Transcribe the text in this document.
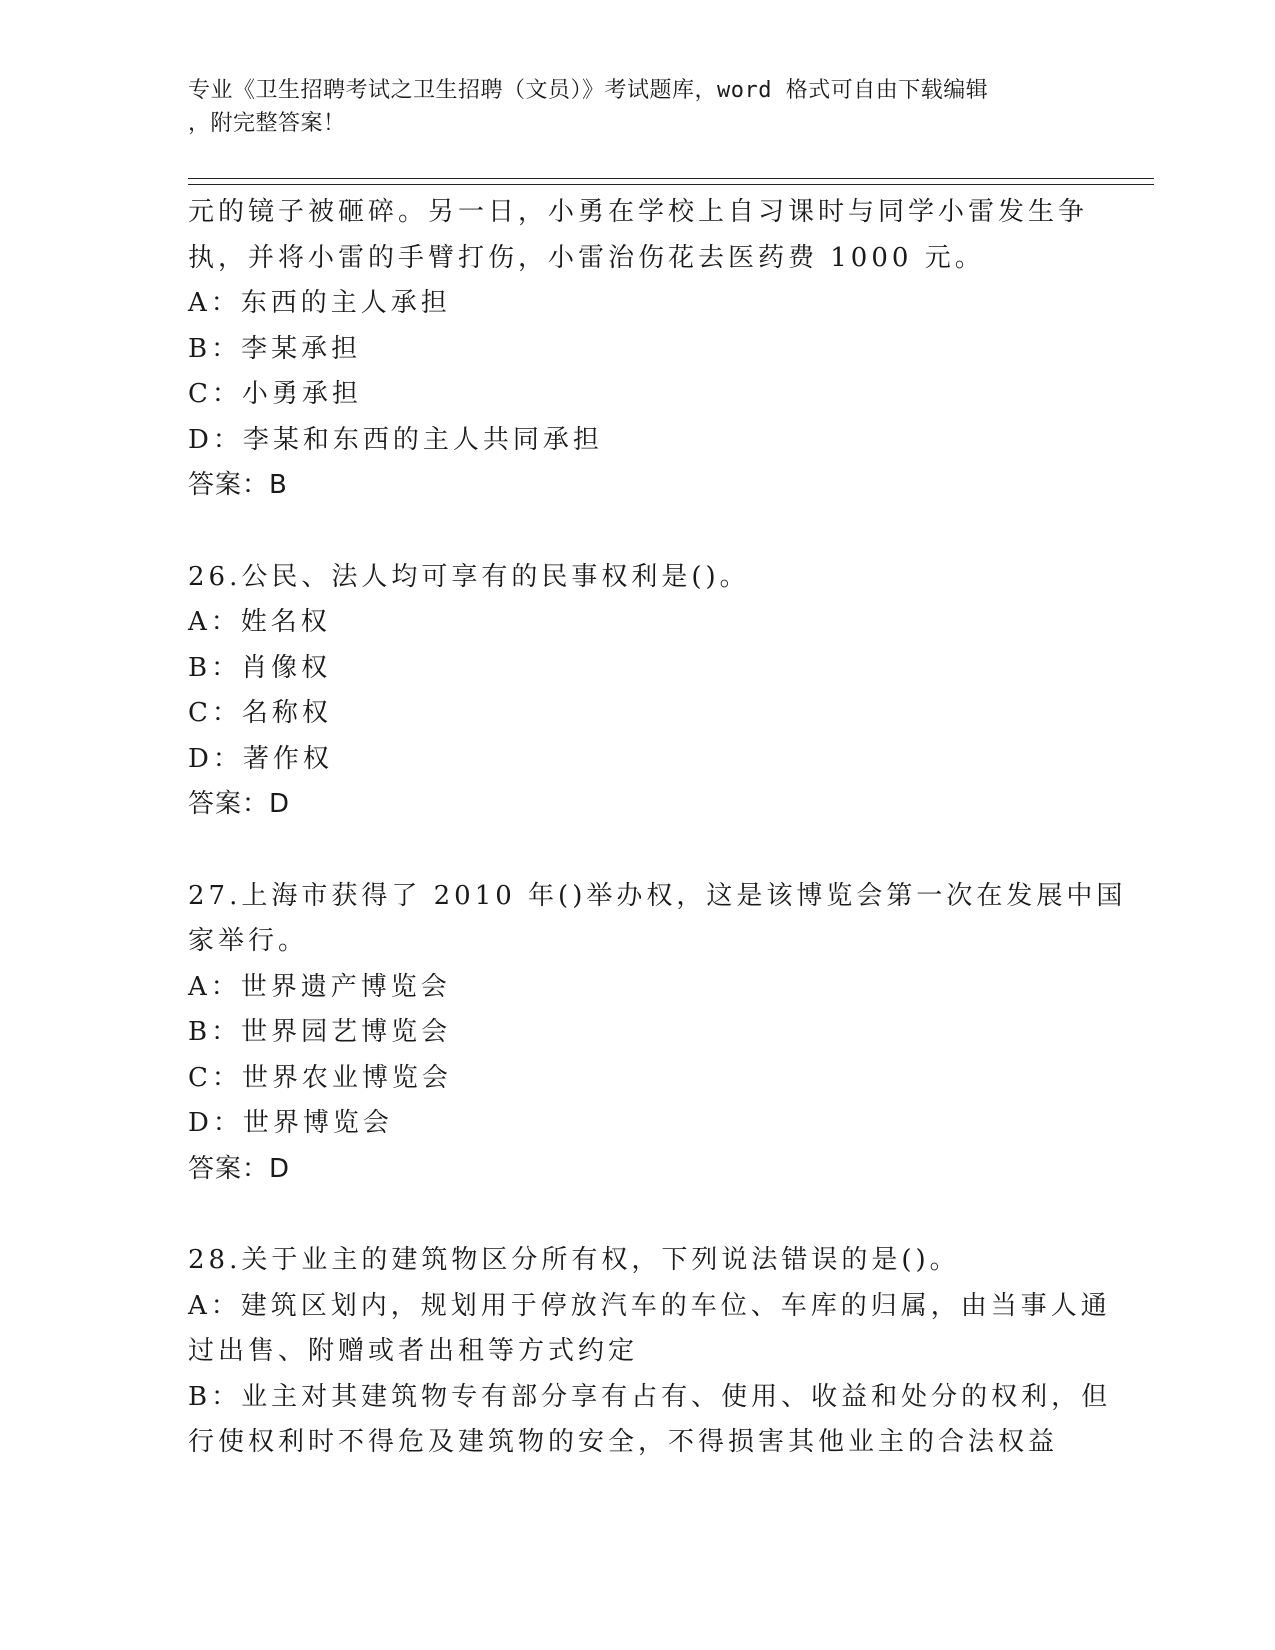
专业《卫生招聘考试之卫生招聘（文员）》考试题库，word 格式可自由下载编辑
，附完整答案！
元的镜子被砸碎。另一日，小勇在学校上自习课时与同学小雷发生争
执，并将小雷的手臂打伤，小雷治伤花去医药费 1000 元。
A：东西的主人承担
B：李某承担
C：小勇承担
D：李某和东西的主人共同承担
答案：B
26.公民、法人均可享有的民事权利是()。
A：姓名权
B：肖像权
C：名称权
D：著作权
答案：D
27.上海市获得了 2010 年()举办权，这是该博览会第一次在发展中国
家举行。
A：世界遗产博览会
B：世界园艺博览会
C：世界农业博览会
D：世界博览会
答案：D
28.关于业主的建筑物区分所有权，下列说法错误的是()。
A：建筑区划内，规划用于停放汽车的车位、车库的归属，由当事人通
过出售、附赠或者出租等方式约定
B：业主对其建筑物专有部分享有占有、使用、收益和处分的权利，但
行使权利时不得危及建筑物的安全，不得损害其他业主的合法权益
